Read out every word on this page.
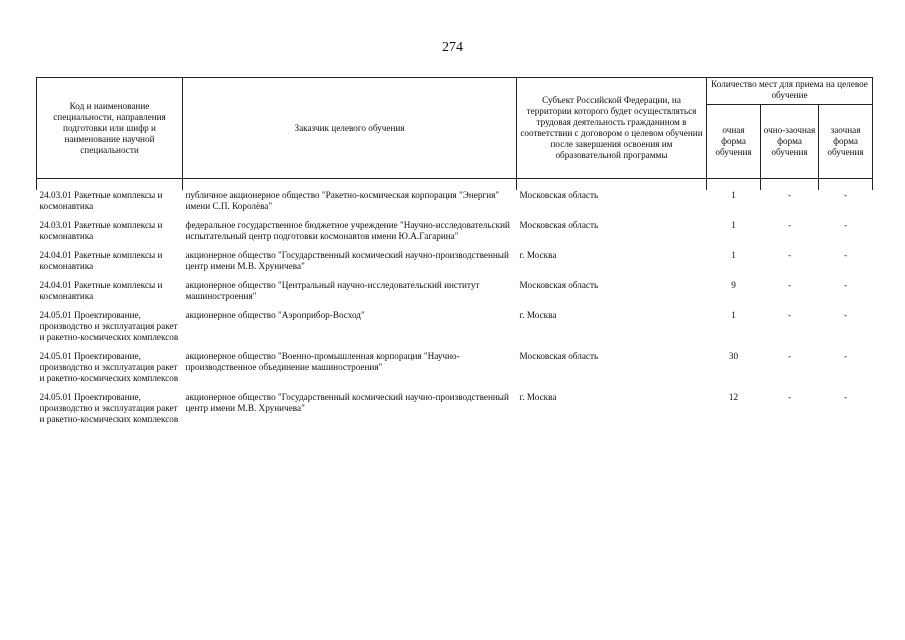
274
Код и наименование специальности, направления подготовки или шифр и наименование научной специальности	Заказчик целевого обучения	Субъект Российской Федерации, на территории которого будет осуществляться трудовая деятельность гражданином в соответствии с договором о целевом обучении после завершения освоения им образовательной программы	Количество мест для приема на целевое обучение		
			очная форма обучения	очно-заочная форма обучения	заочная форма обучения

24.03.01 Ракетные комплексы и космонавтика	публичное акционерное общество "Ракетно-космическая корпорация "Энергия" имени С.П. Королёва"	Московская область	1	-	-
24.03.01 Ракетные комплексы и космонавтика	федеральное государственное бюджетное учреждение "Научно-исследовательский испытательный центр подготовки космонавтов имени Ю.А.Гагарина"	Московская область	1	-	-
24.04.01 Ракетные комплексы и космонавтика	акционерное общество "Государственный космический научно-производственный центр имени М.В. Хруничева"	г. Москва	1	-	-
24.04.01 Ракетные комплексы и космонавтика	акционерное общество "Центральный научно-исследовательский институт машиностроения"	Московская область	9	-	-
24.05.01 Проектирование, производство и эксплуатация ракет и ракетно-космических комплексов	акционерное общество "Аэроприбор-Восход"	г. Москва	1	-	-
24.05.01 Проектирование, производство и эксплуатация ракет и ракетно-космических комплексов	акционерное общество "Военно-промышленная корпорация "Научно-производственное объединение машиностроения"	Московская область	30	-	-
24.05.01 Проектирование, производство и эксплуатация ракет и ракетно-космических комплексов	акционерное общество "Государственный космический научно-производственный центр имени М.В. Хруничева"	г. Москва	12	-	-
